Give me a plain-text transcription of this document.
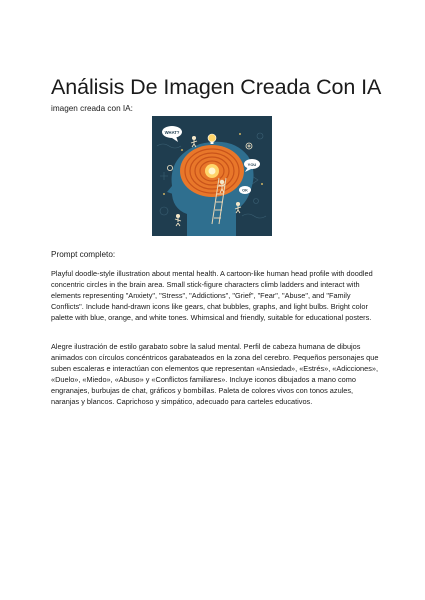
Análisis De Imagen Creada Con IA

imagen creada con IA:

WHAT?
YOU
OK

Prompt completo:

Playful doodle-style illustration about mental health. A cartoon-like human head profile with doodled concentric circles in the brain area. Small stick-figure characters climb ladders and interact with elements representing "Anxiety", "Stress", "Addictions", "Grief", "Fear", "Abuse", and "Family Conflicts". Include hand-drawn icons like gears, chat bubbles, graphs, and light bulbs. Bright color palette with blue, orange, and white tones. Whimsical and friendly, suitable for educational posters.

Alegre ilustración de estilo garabato sobre la salud mental. Perfil de cabeza humana de dibujos animados con círculos concéntricos garabateados en la zona del cerebro. Pequeños personajes que suben escaleras e interactúan con elementos que representan «Ansiedad», «Estrés», «Adicciones», «Duelo», «Miedo», «Abuso» y «Conflictos familiares». Incluye iconos dibujados a mano como engranajes, burbujas de chat, gráficos y bombillas. Paleta de colores vivos con tonos azules, naranjas y blancos. Caprichoso y simpático, adecuado para carteles educativos.
